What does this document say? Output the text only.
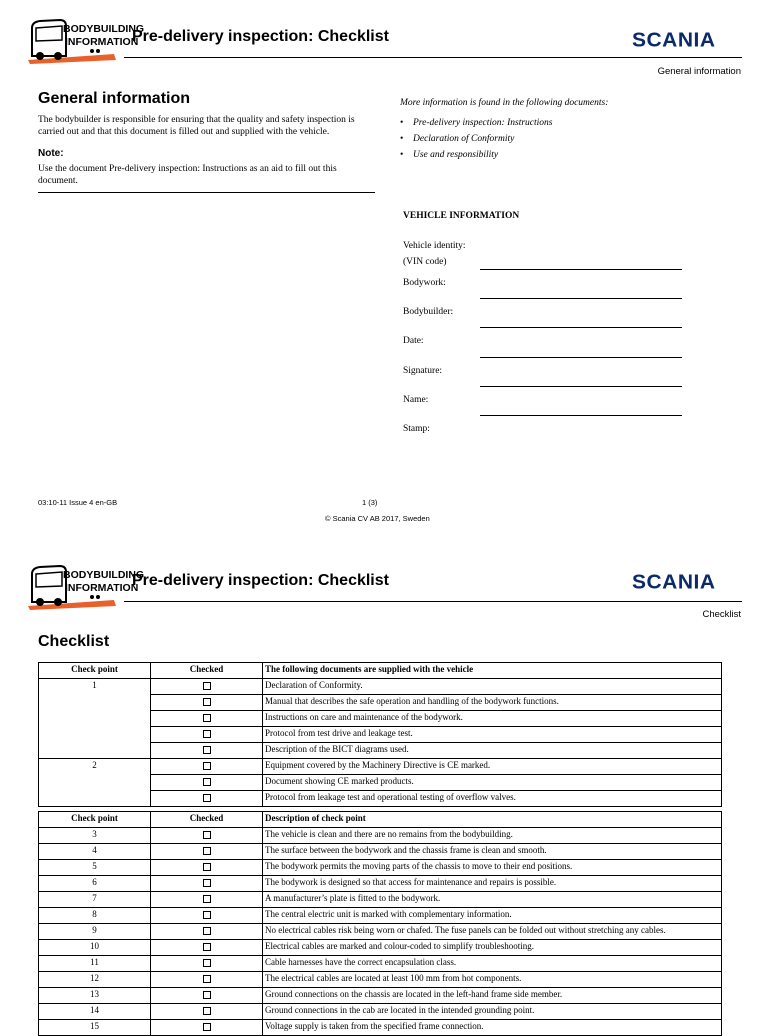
BODYBUILDING
INFORMATION
Pre-delivery inspection: Checklist	SCANIA
General information
General information
The bodybuilder is responsible for ensuring that the quality and safety inspection is carried out and that this document is filled out and supplied with the vehicle.
Note:
Use the document Pre-delivery inspection: Instructions as an aid to fill out this document.
More information is found in the following documents:
• Pre-delivery inspection: Instructions
• Declaration of Conformity
• Use and responsibility
VEHICLE INFORMATION
Vehicle identity:
(VIN code)
Bodywork:
Bodybuilder:
Date:
Signature:
Name:
Stamp:
03:10-11 Issue 4 en-GB	1 (3)
© Scania CV AB 2017, Sweden
BODYBUILDING
INFORMATION
Pre-delivery inspection: Checklist	SCANIA
Checklist
Checklist
Check point	Checked	The following documents are supplied with the vehicle
1		Declaration of Conformity.
		Manual that describes the safe operation and handling of the bodywork functions.
		Instructions on care and maintenance of the bodywork.
		Protocol from test drive and leakage test.
		Description of the BICT diagrams used.
2		Equipment covered by the Machinery Directive is CE marked.
		Document showing CE marked products.
		Protocol from leakage test and operational testing of overflow valves.
Check point	Checked	Description of check point
3		The vehicle is clean and there are no remains from the bodybuilding.
4		The surface between the bodywork and the chassis frame is clean and smooth.
5		The bodywork permits the moving parts of the chassis to move to their end positions.
6		The bodywork is designed so that access for maintenance and repairs is possible.
7		A manufacturer’s plate is fitted to the bodywork.
8		The central electric unit is marked with complementary information.
9		No electrical cables risk being worn or chafed. The fuse panels can be folded out without stretching any cables.
10		Electrical cables are marked and colour-coded to simplify troubleshooting.
11		Cable harnesses have the correct encapsulation class.
12		The electrical cables are located at least 100 mm from hot components.
13		Ground connections on the chassis are located in the left-hand frame side member.
14		Ground connections in the cab are located in the intended grounding point.
15		Voltage supply is taken from the specified frame connection.
